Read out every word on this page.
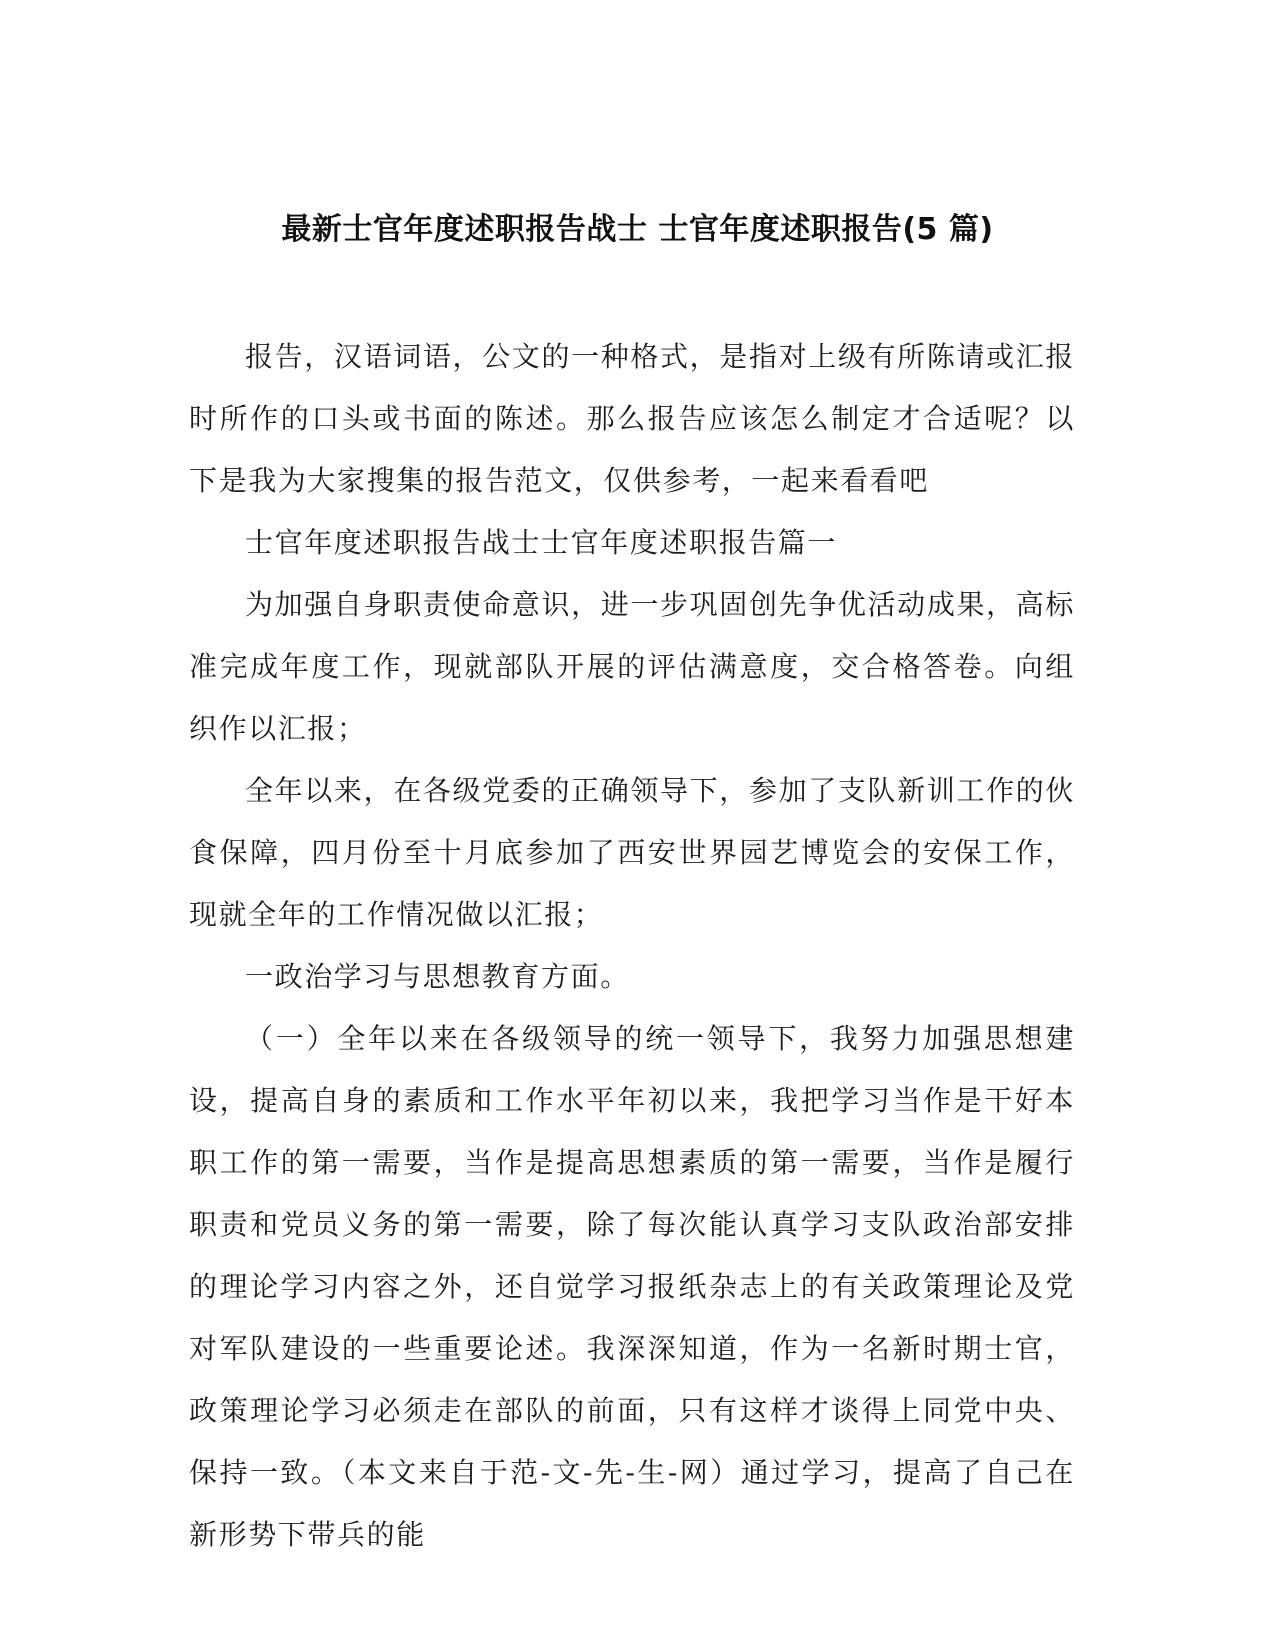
最新士官年度述职报告战士 士官年度述职报告(5 篇)

报告，汉语词语，公文的一种格式，是指对上级有所陈请或汇报时所作的口头或书面的陈述。那么报告应该怎么制定才合适呢？以下是我为大家搜集的报告范文，仅供参考，一起来看看吧

士官年度述职报告战士士官年度述职报告篇一

为加强自身职责使命意识，进一步巩固创先争优活动成果，高标准完成年度工作，现就部队开展的评估满意度，交合格答卷。向组织作以汇报；

全年以来，在各级党委的正确领导下，参加了支队新训工作的伙食保障，四月份至十月底参加了西安世界园艺博览会的安保工作，现就全年的工作情况做以汇报；

一政治学习与思想教育方面。

（一）全年以来在各级领导的统一领导下，我努力加强思想建设，提高自身的素质和工作水平年初以来，我把学习当作是干好本职工作的第一需要，当作是提高思想素质的第一需要，当作是履行职责和党员义务的第一需要，除了每次能认真学习支队政治部安排的理论学习内容之外，还自觉学习报纸杂志上的有关政策理论及党对军队建设的一些重要论述。我深深知道，作为一名新时期士官，政策理论学习必须走在部队的前面，只有这样才谈得上同党中央、保持一致。（本文来自于范-文-先-生-网）通过学习，提高了自己在新形势下带兵的能
